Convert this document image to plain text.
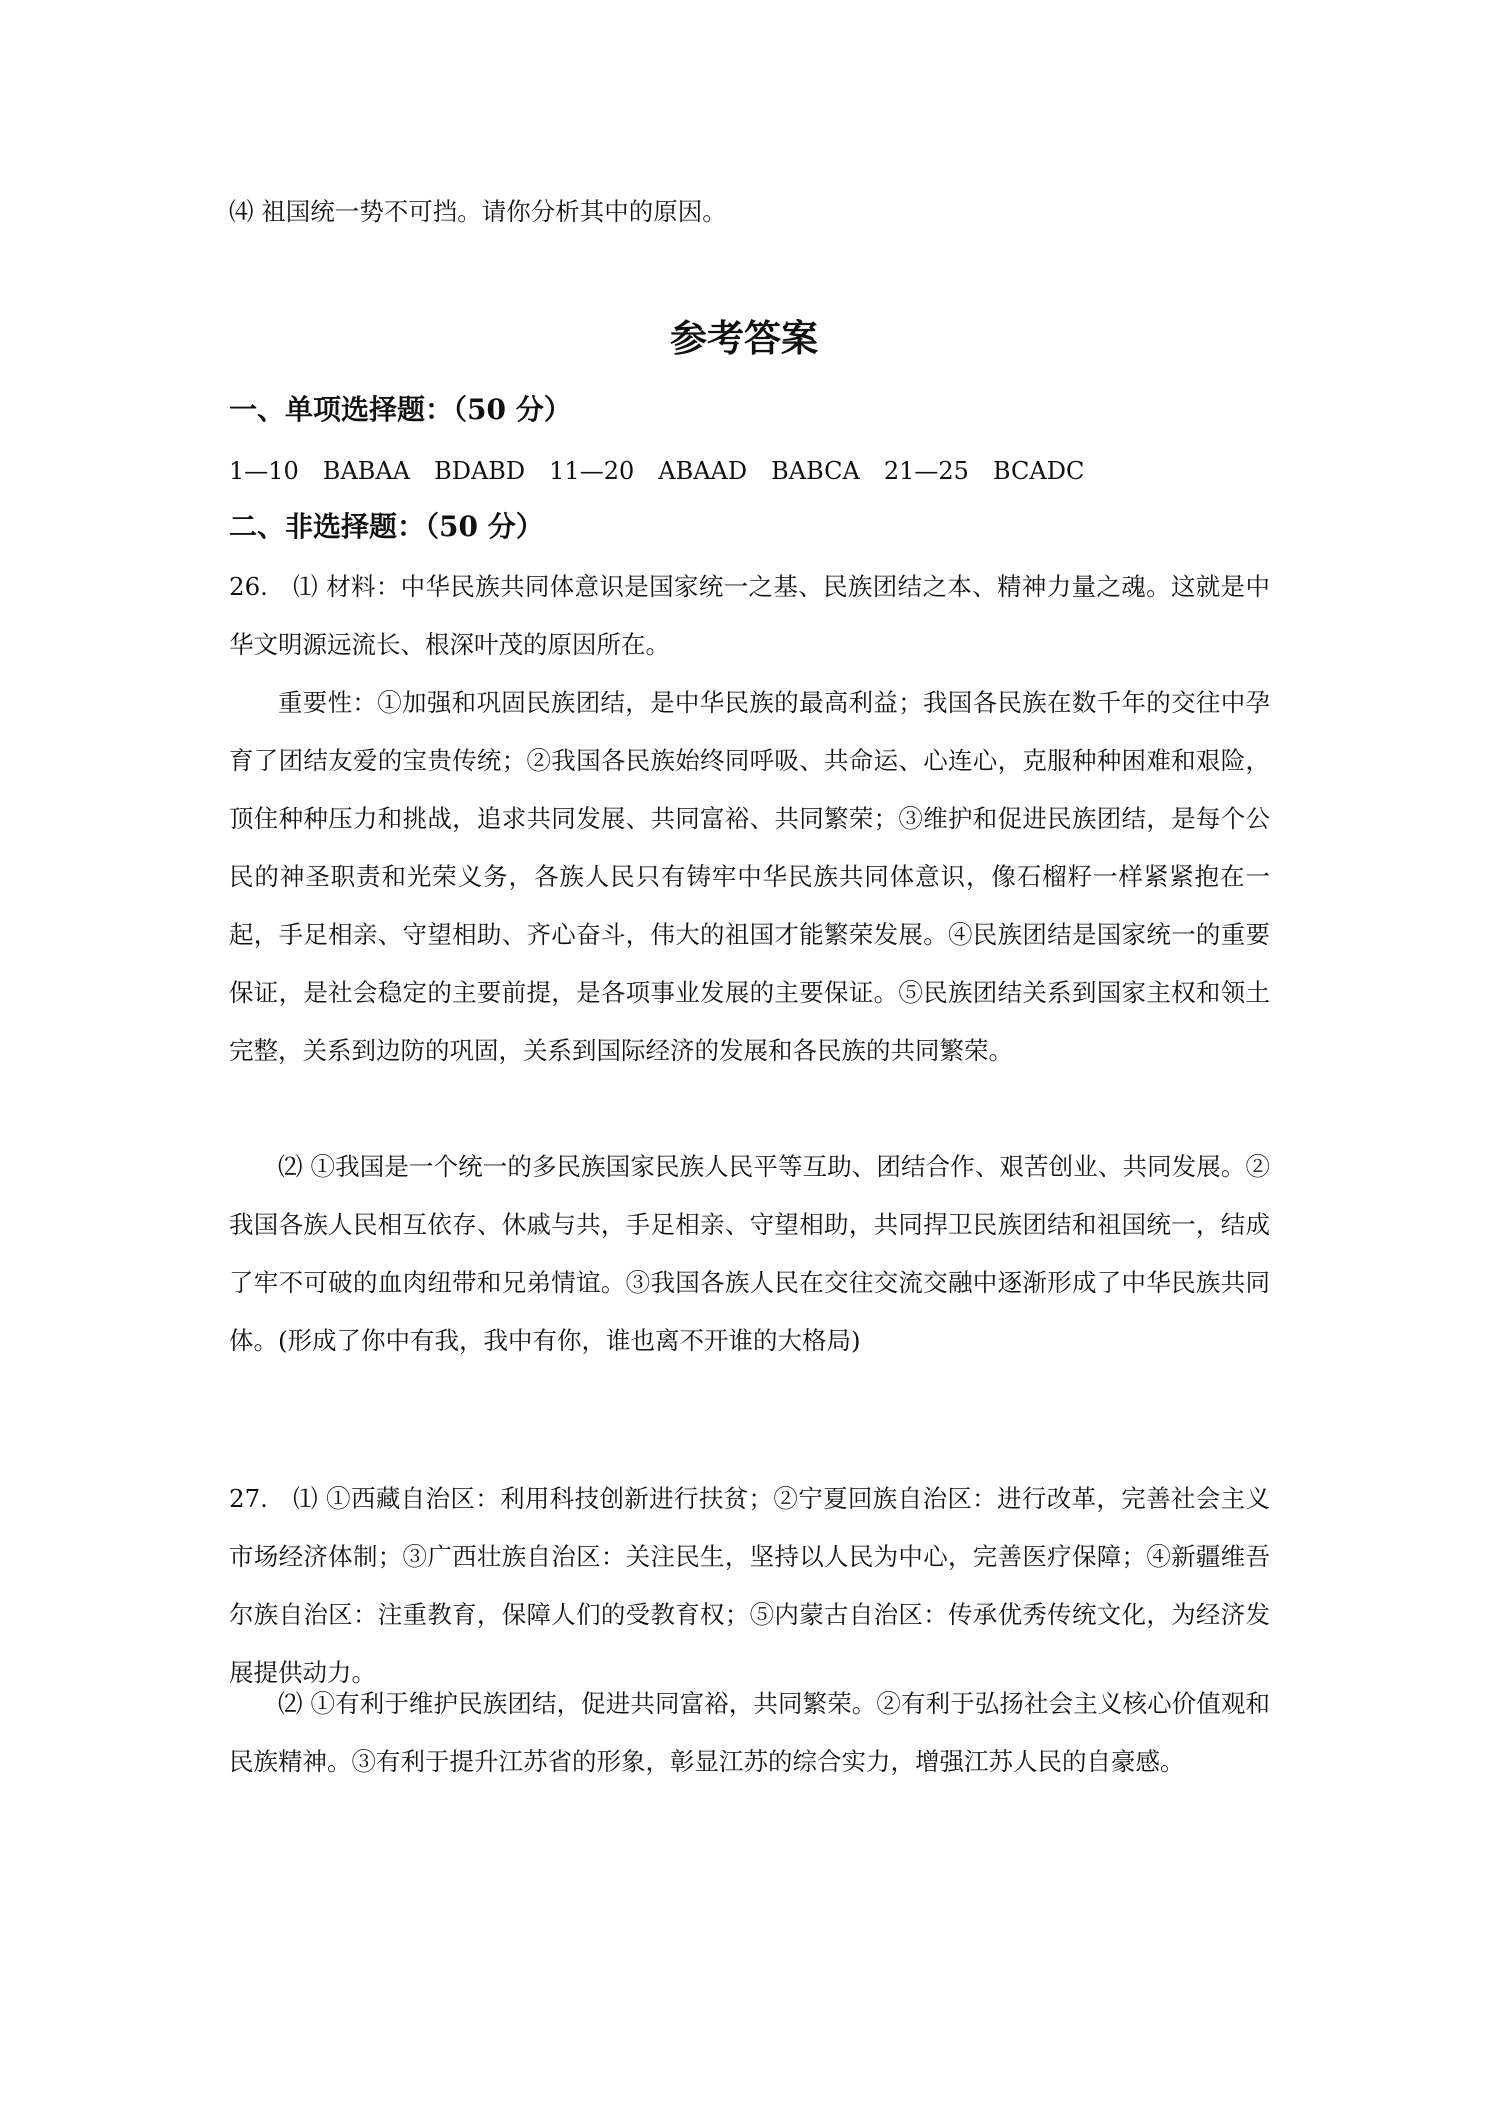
⑷ 祖国统一势不可挡。请你分析其中的原因。
参考答案
一、单项选择题：（50 分）
1—10　BABAA　BDABD　11—20　ABAAD　BABCA　21—25　BCADC
二、非选择题：（50 分）

26.　⑴ 材料：中华民族共同体意识是国家统一之基、民族团结之本、精神力量之魂。这就是中华文明源远流长、根深叶茂的原因所在。

重要性：①加强和巩固民族团结，是中华民族的最高利益；我国各民族在数千年的交往中孕育了团结友爱的宝贵传统；②我国各民族始终同呼吸、共命运、心连心，克服种种困难和艰险，顶住种种压力和挑战，追求共同发展、共同富裕、共同繁荣；③维护和促进民族团结，是每个公民的神圣职责和光荣义务，各族人民只有铸牢中华民族共同体意识，像石榴籽一样紧紧抱在一起，手足相亲、守望相助、齐心奋斗，伟大的祖国才能繁荣发展。④民族团结是国家统一的重要保证，是社会稳定的主要前提，是各项事业发展的主要保证。⑤民族团结关系到国家主权和领土完整，关系到边防的巩固，关系到国际经济的发展和各民族的共同繁荣。

⑵ ①我国是一个统一的多民族国家民族人民平等互助、团结合作、艰苦创业、共同发展。②我国各族人民相互依存、休戚与共，手足相亲、守望相助，共同捍卫民族团结和祖国统一，结成了牢不可破的血肉纽带和兄弟情谊。③我国各族人民在交往交流交融中逐渐形成了中华民族共同体。(形成了你中有我，我中有你，谁也离不开谁的大格局)

27.　⑴ ①西藏自治区：利用科技创新进行扶贫；②宁夏回族自治区：进行改革，完善社会主义市场经济体制；③广西壮族自治区：关注民生，坚持以人民为中心，完善医疗保障；④新疆维吾尔族自治区：注重教育，保障人们的受教育权；⑤内蒙古自治区：传承优秀传统文化，为经济发展提供动力。

⑵ ①有利于维护民族团结，促进共同富裕，共同繁荣。②有利于弘扬社会主义核心价值观和民族精神。③有利于提升江苏省的形象，彰显江苏的综合实力，增强江苏人民的自豪感。
